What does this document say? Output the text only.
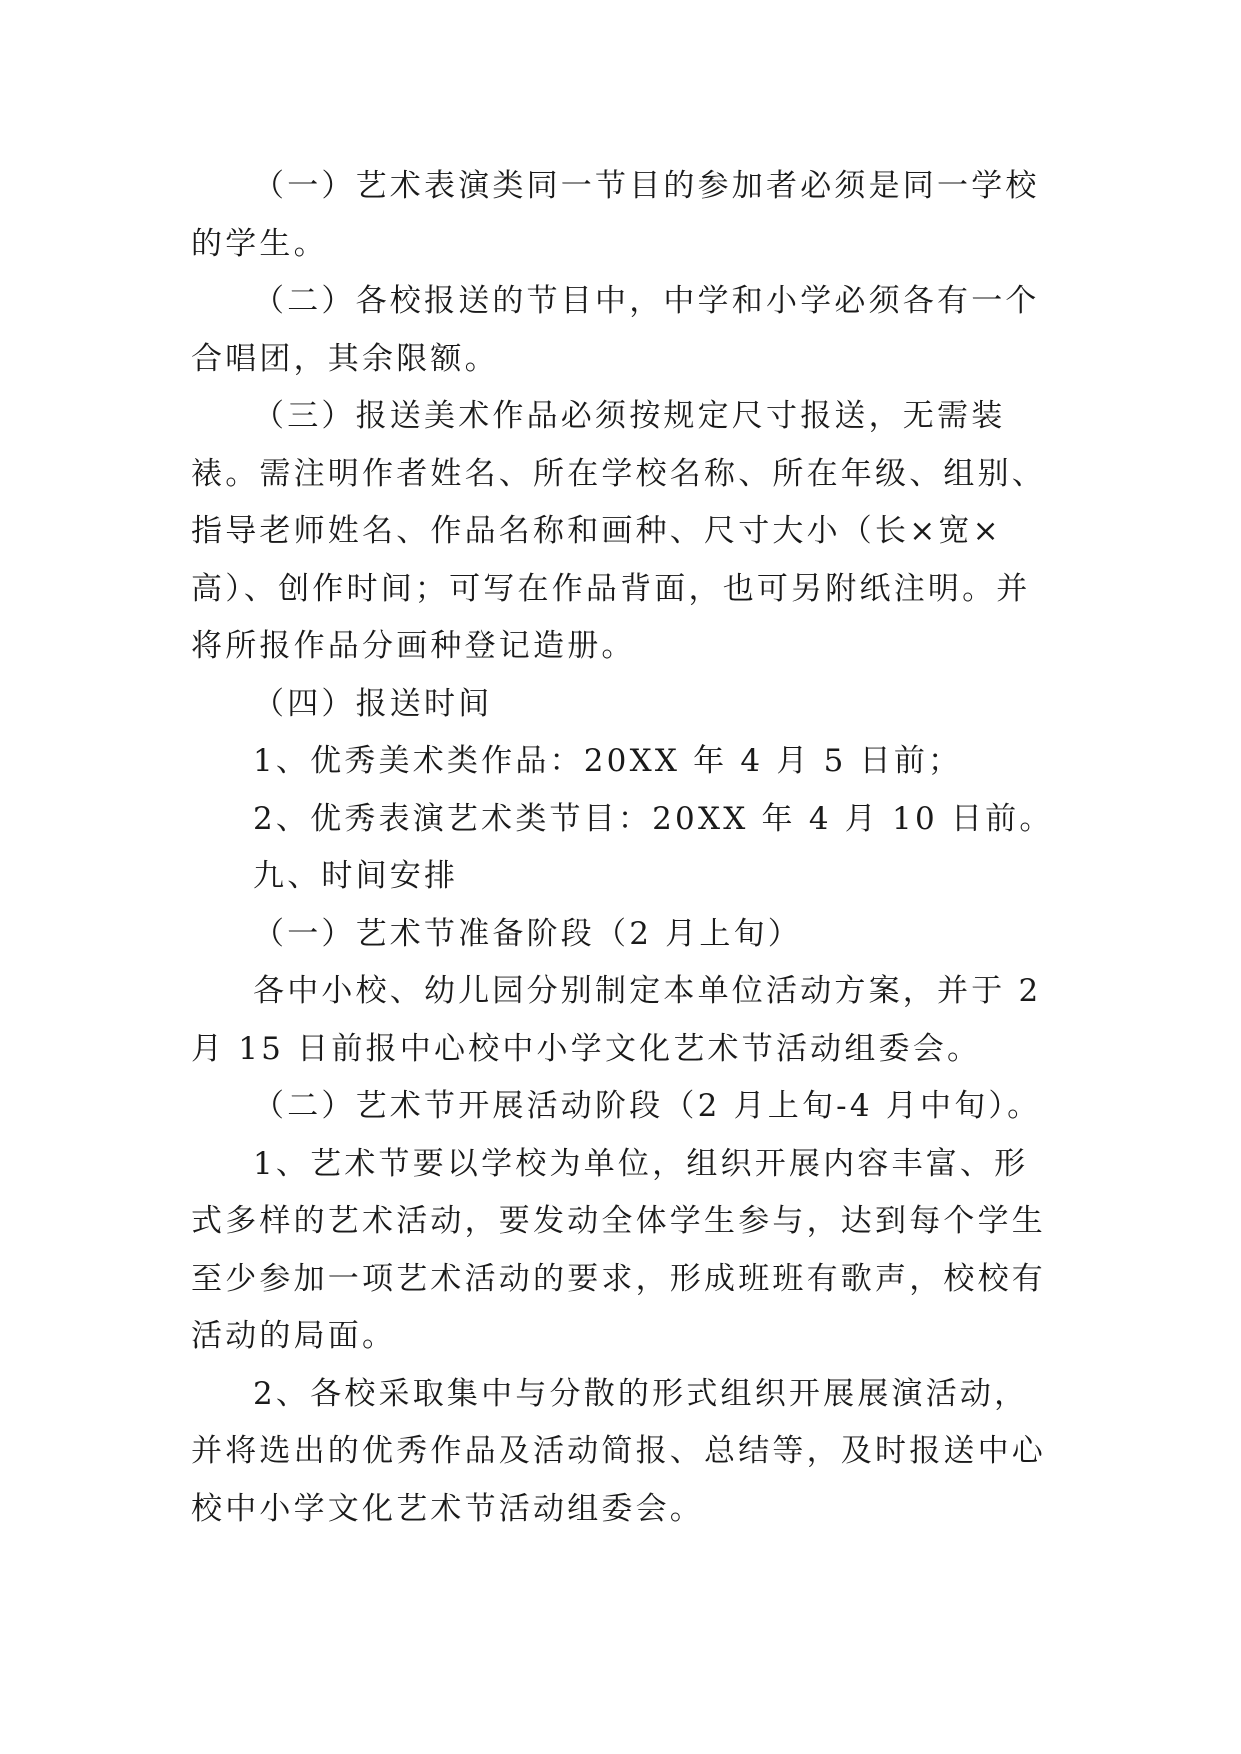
（一）艺术表演类同一节目的参加者必须是同一学校的学生。

（二）各校报送的节目中，中学和小学必须各有一个合唱团，其余限额。

（三）报送美术作品必须按规定尺寸报送，无需装裱。需注明作者姓名、所在学校名称、所在年级、组别、指导老师姓名、作品名称和画种、尺寸大小（长×宽×高）、创作时间；可写在作品背面，也可另附纸注明。并将所报作品分画种登记造册。

（四）报送时间

1、优秀美术类作品：20XX 年 4 月 5 日前；

2、优秀表演艺术类节目：20XX 年 4 月 10 日前。

九、时间安排

（一）艺术节准备阶段（2 月上旬）

各中小校、幼儿园分别制定本单位活动方案，并于 2 月 15 日前报中心校中小学文化艺术节活动组委会。

（二）艺术节开展活动阶段（2 月上旬-4 月中旬）。

1、艺术节要以学校为单位，组织开展内容丰富、形式多样的艺术活动，要发动全体学生参与，达到每个学生至少参加一项艺术活动的要求，形成班班有歌声，校校有活动的局面。

2、各校采取集中与分散的形式组织开展展演活动，并将选出的优秀作品及活动简报、总结等，及时报送中心校中小学文化艺术节活动组委会。
